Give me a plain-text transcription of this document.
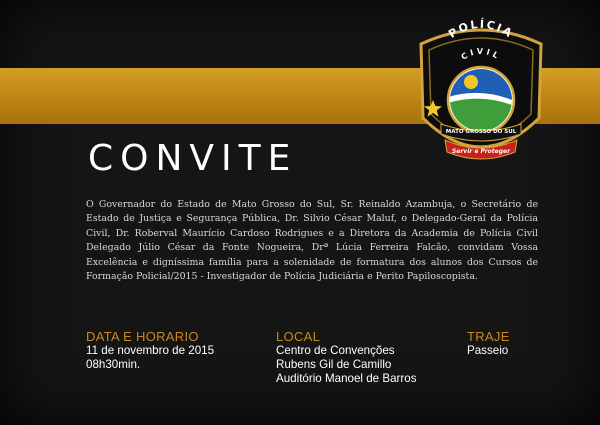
POLÍCIA
CIVIL
MATO GROSSO DO SUL
Servir e Proteger
CONVITE

O Governador do Estado de Mato Grosso do Sul, Sr. Reinaldo Azambuja, o Secretário de Estado de Justiça e Segurança Pública, Dr. Silvio César Maluf, o Delegado-Geral da Polícia Civil, Dr. Roberval Maurício Cardoso Rodrigues e a Diretora da Academia de Polícia Civil Delegado Júlio César da Fonte Nogueira, Drª Lúcia Ferreira Falcão, convidam Vossa Excelência e digníssima família para a solenidade de formatura dos alunos dos Cursos de Formação Policial/2015 - Investigador de Polícia Judiciária e Perito Papiloscopista.

DATA E HORARIO
11 de novembro de 2015
08h30min.
LOCAL
Centro de Convenções
Rubens Gil de Camillo
Auditório Manoel de Barros
TRAJE
Passeio
